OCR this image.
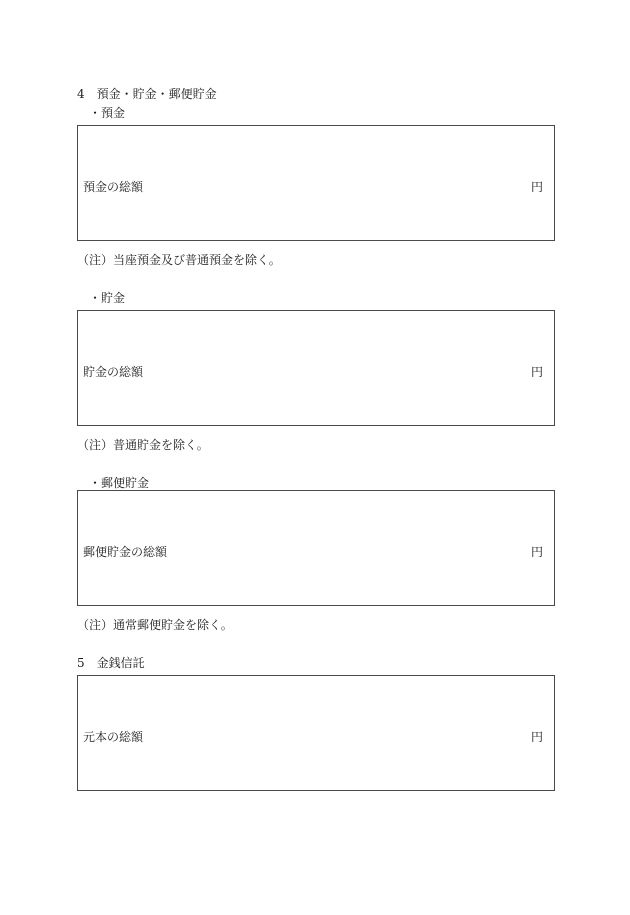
4　預金・貯金・郵便貯金
・預金
預金の総額	円
（注）当座預金及び普通預金を除く。
・貯金
貯金の総額	円
（注）普通貯金を除く。
・郵便貯金
郵便貯金の総額	円
（注）通常郵便貯金を除く。
5　金銭信託
元本の総額	円
